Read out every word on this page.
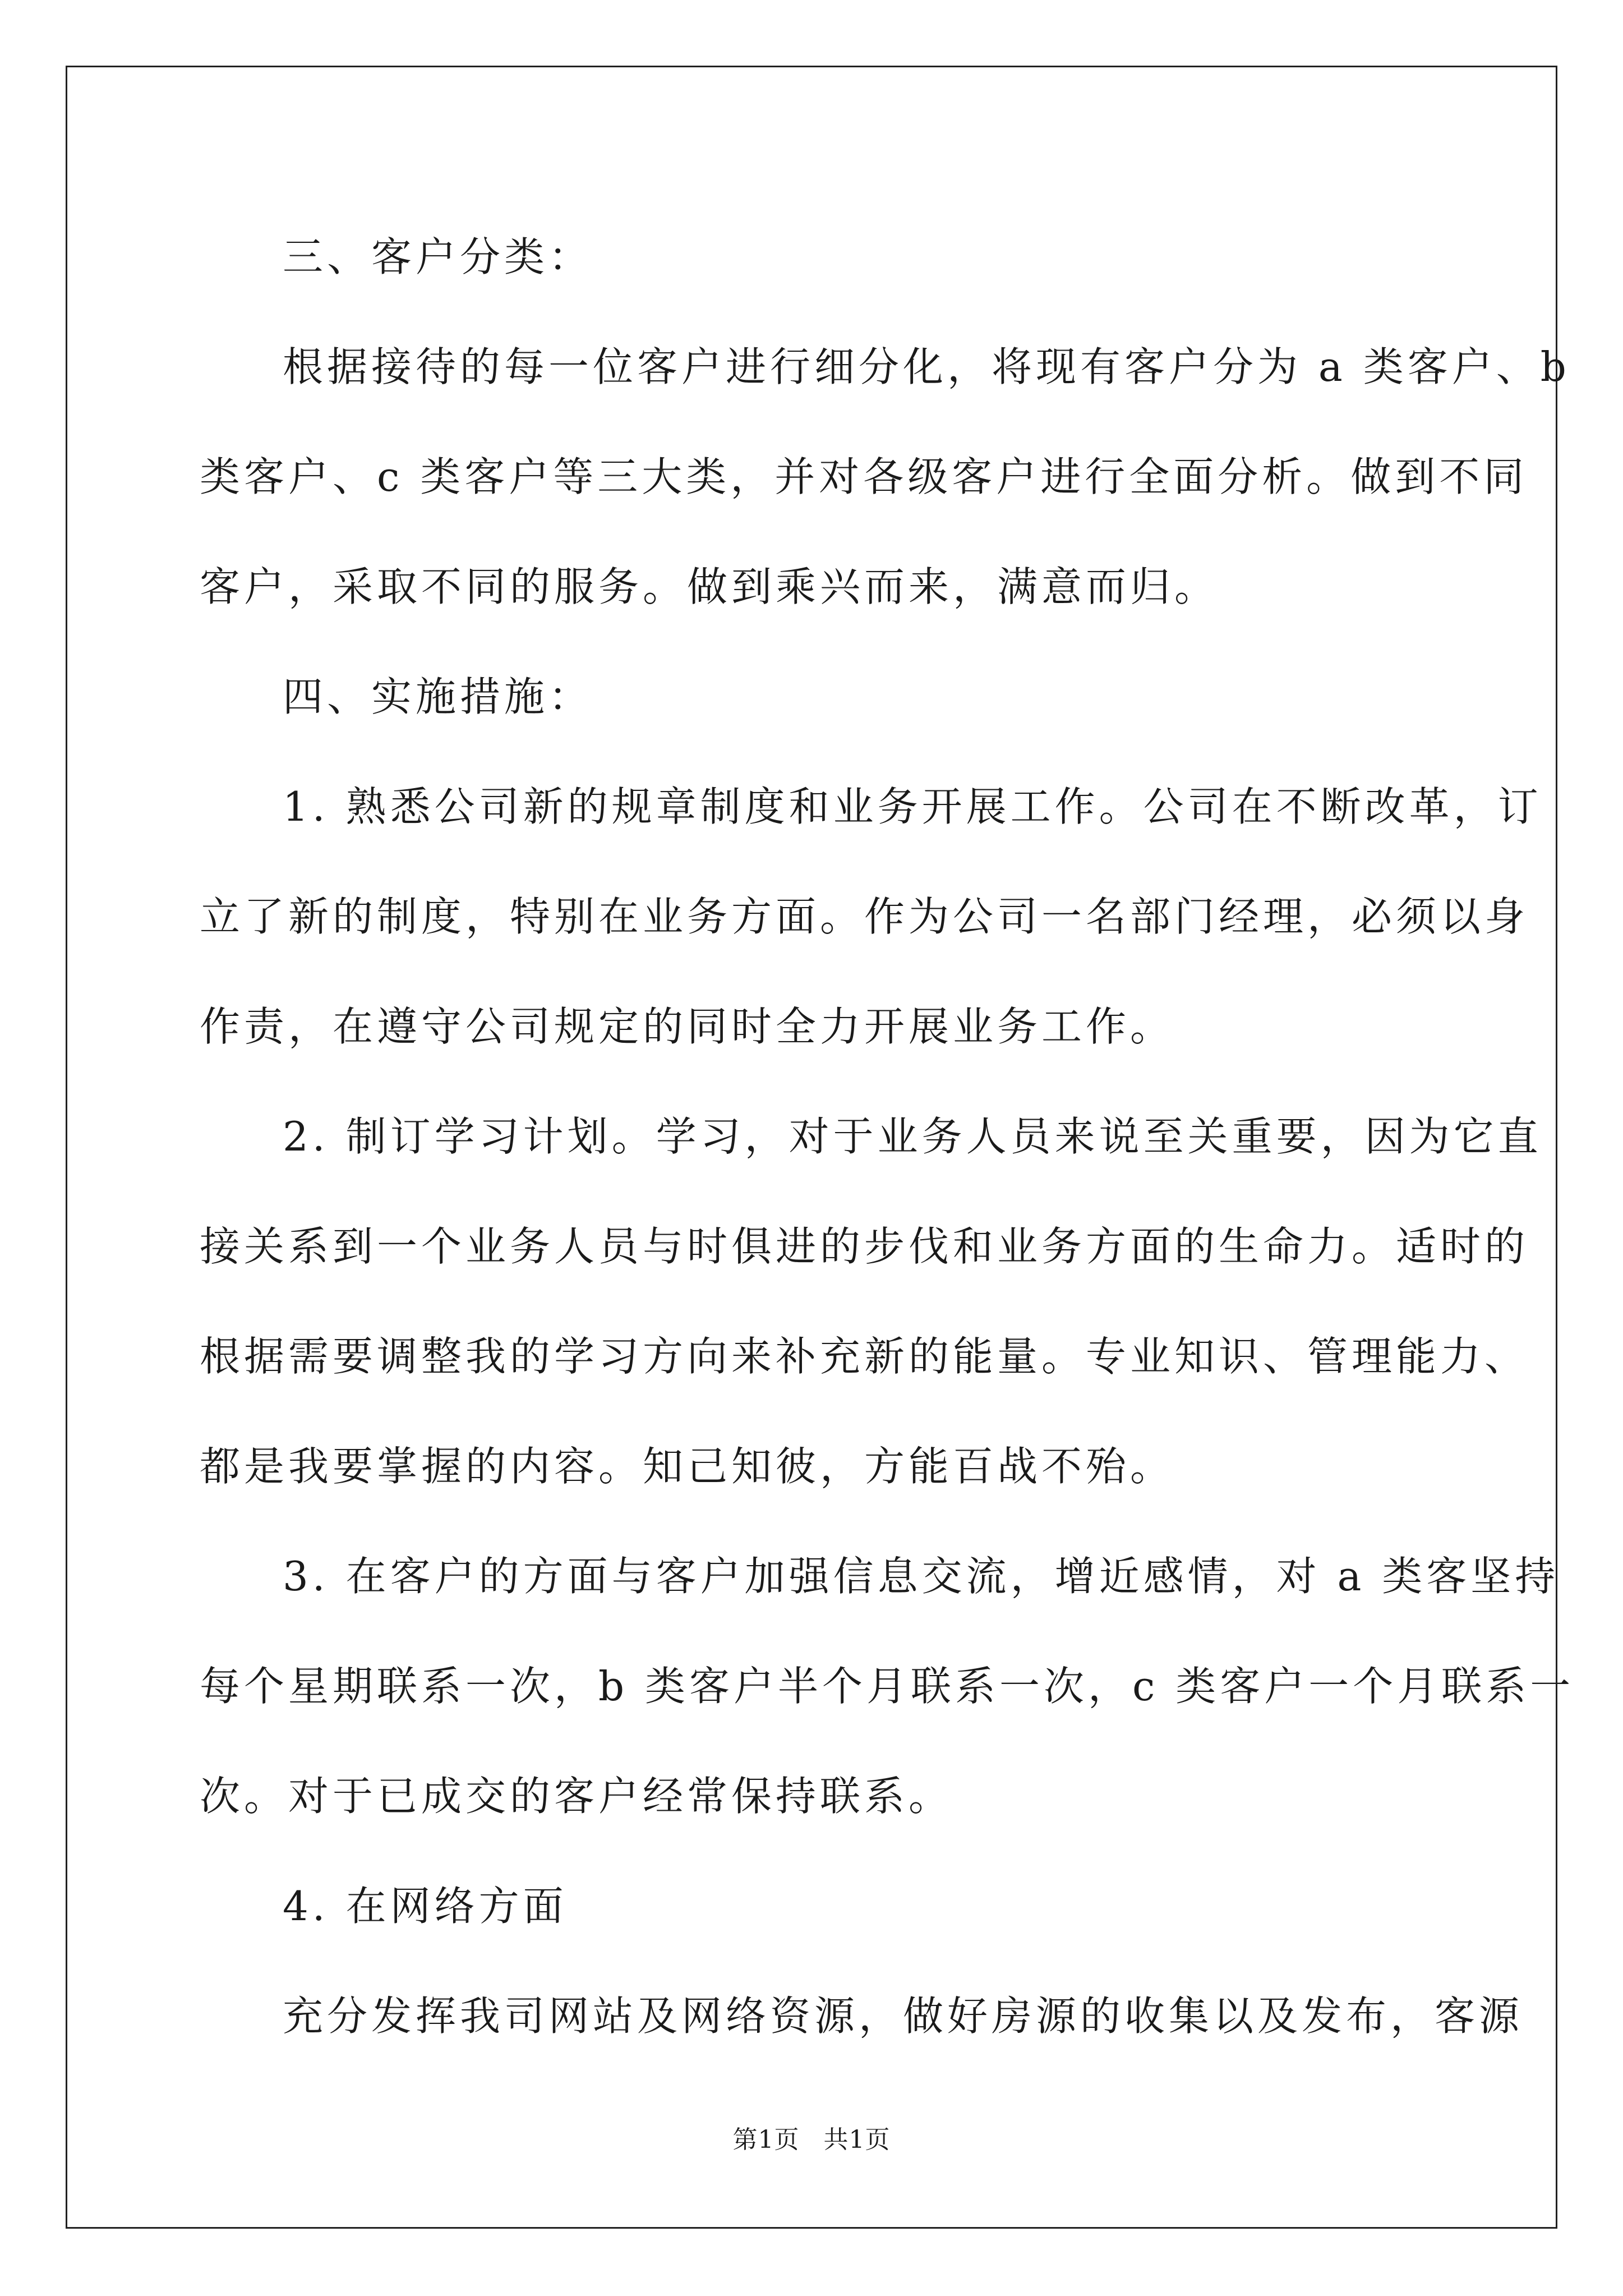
三、客户分类：
根据接待的每一位客户进行细分化，将现有客户分为 a 类客户、b
类客户、c 类客户等三大类，并对各级客户进行全面分析。做到不同
客户，采取不同的服务。做到乘兴而来，满意而归。
四、实施措施：
1. 熟悉公司新的规章制度和业务开展工作。公司在不断改革，订
立了新的制度，特别在业务方面。作为公司一名部门经理，必须以身
作责，在遵守公司规定的同时全力开展业务工作。
2. 制订学习计划。学习，对于业务人员来说至关重要，因为它直
接关系到一个业务人员与时俱进的步伐和业务方面的生命力。适时的
根据需要调整我的学习方向来补充新的能量。专业知识、管理能力、
都是我要掌握的内容。知己知彼，方能百战不殆。
3. 在客户的方面与客户加强信息交流，增近感情，对 a 类客坚持
每个星期联系一次，b 类客户半个月联系一次，c 类客户一个月联系一
次。对于已成交的客户经常保持联系。
4. 在网络方面
充分发挥我司网站及网络资源，做好房源的收集以及发布，客源
第1页 共1页
